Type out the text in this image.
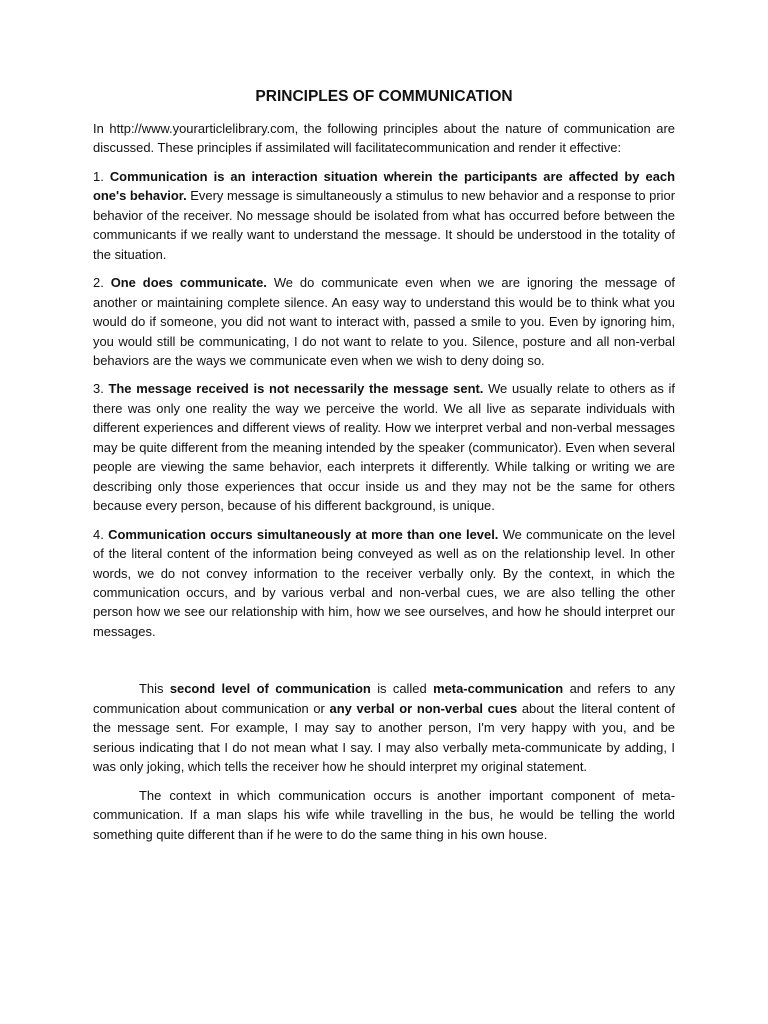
PRINCIPLES OF COMMUNICATION

In http://www.yourarticlelibrary.com, the following principles about the nature of communication are discussed. These principles if assimilated will facilitatecommunication and render it effective:

1. Communication is an interaction situation wherein the participants are affected by each one's behavior. Every message is simultaneously a stimulus to new behavior and a response to prior behavior of the receiver. No message should be isolated from what has occurred before between the communicants if we really want to understand the message. It should be understood in the totality of the situation.

2. One does communicate. We do communicate even when we are ignoring the message of another or maintaining complete silence. An easy way to understand this would be to think what you would do if someone, you did not want to interact with, passed a smile to you. Even by ignoring him, you would still be communicating, I do not want to relate to you. Silence, posture and all non-verbal behaviors are the ways we communicate even when we wish to deny doing so.

3. The message received is not necessarily the message sent. We usually relate to others as if there was only one reality the way we perceive the world. We all live as separate individuals with different experiences and different views of reality. How we interpret verbal and non-verbal messages may be quite different from the meaning intended by the speaker (communicator). Even when several people are viewing the same behavior, each interprets it differently. While talking or writing we are describing only those experiences that occur inside us and they may not be the same for others because every person, because of his different background, is unique.

4. Communication occurs simultaneously at more than one level. We communicate on the level of the literal content of the information being conveyed as well as on the relationship level. In other words, we do not convey information to the receiver verbally only. By the context, in which the communication occurs, and by various verbal and non-verbal cues, we are also telling the other person how we see our relationship with him, how we see ourselves, and how he should interpret our messages.

This second level of communication is called meta-communication and refers to any communication about communication or any verbal or non-verbal cues about the literal content of the message sent. For example, I may say to another person, I'm very happy with you, and be serious indicating that I do not mean what I say. I may also verbally meta-communicate by adding, I was only joking, which tells the receiver how he should interpret my original statement.

The context in which communication occurs is another important component of meta-communication. If a man slaps his wife while travelling in the bus, he would be telling the world something quite different than if he were to do the same thing in his own house.
